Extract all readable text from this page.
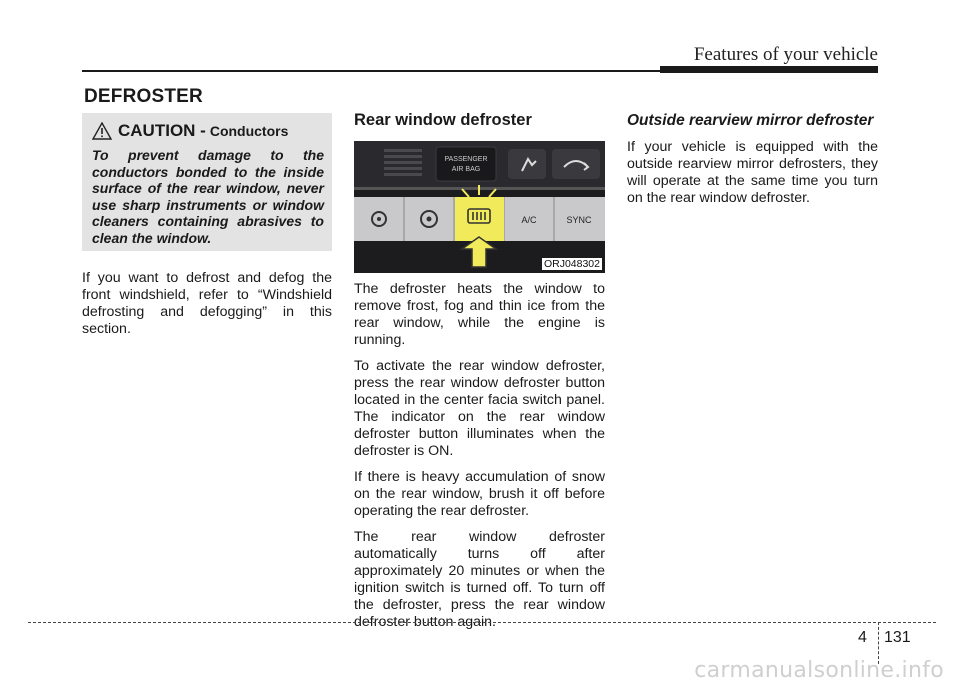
Features of your vehicle
DEFROSTER
CAUTION - Conductors
To prevent damage to the conductors bonded to the inside surface of the rear window, never use sharp instruments or window cleaners containing abrasives to clean the window.

If you want to defrost and defog the front windshield, refer to “Windshield defrosting and defogging” in this section.

Rear window defroster
PASSENGER
AIR BAG
A/C	SYNC
ORJ048302

The defroster heats the window to remove frost, fog and thin ice from the rear window, while the engine is running.

To activate the rear window defroster, press the rear window defroster button located in the center facia switch panel. The indicator on the rear window defroster button illuminates when the defroster is ON.

If there is heavy accumulation of snow on the rear window, brush it off before operating the rear defroster.

The rear window defroster automatically turns off after approximately 20 minutes or when the ignition switch is turned off. To turn off the defroster, press the rear window defroster button again.

Outside rearview mirror defroster

If your vehicle is equipped with the outside rearview mirror defrosters, they will operate at the same time you turn on the rear window defroster.

4 131
carmanualsonline.info
